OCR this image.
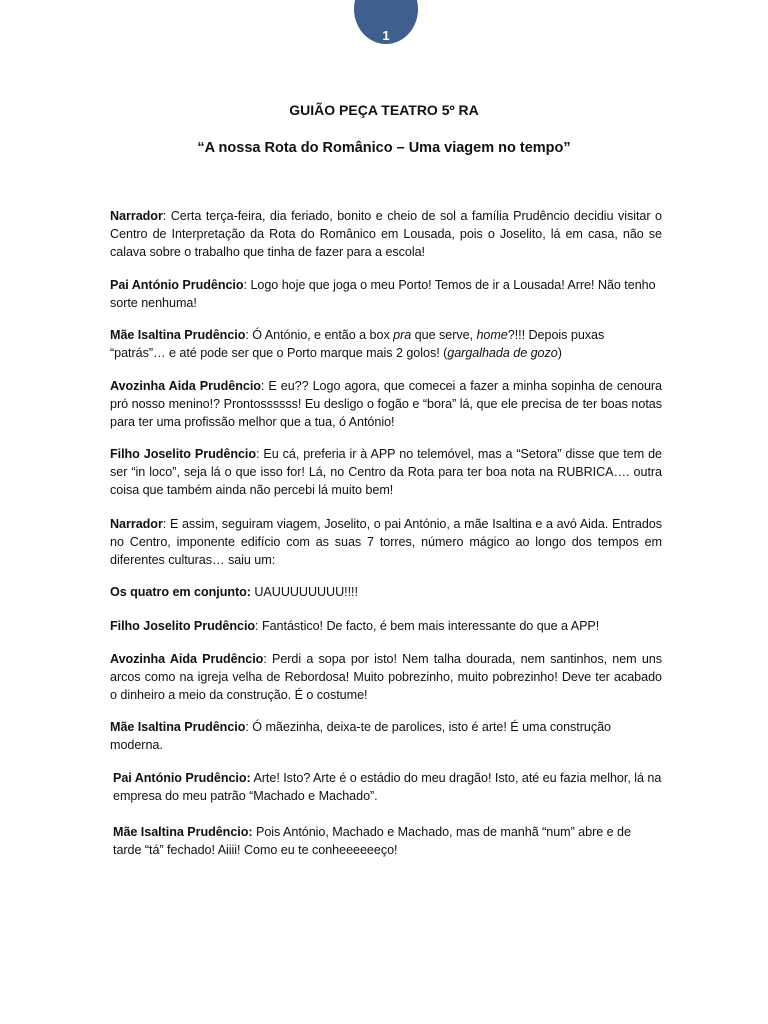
1
GUIÃO PEÇA TEATRO 5º RA
“A nossa Rota do Românico – Uma viagem no tempo”

Narrador: Certa terça-feira, dia feriado, bonito e cheio de sol a família Prudêncio decidiu visitar o Centro de Interpretação da Rota do Românico em Lousada, pois o Joselito, lá em casa, não se calava sobre o trabalho que tinha de fazer para a escola!

Pai António Prudêncio: Logo hoje que joga o meu Porto! Temos de ir a Lousada! Arre! Não tenho sorte nenhuma!

Mãe Isaltina Prudêncio: Ó António, e então a box pra que serve, home?!!! Depois puxas “patrás”… e até pode ser que o Porto marque mais 2 golos! (gargalhada de gozo)

Avozinha Aida Prudêncio: E eu?? Logo agora, que comecei a fazer a minha sopinha de cenoura pró nosso menino!? Prontossssss! Eu desligo o fogão e “bora” lá, que ele precisa de ter boas notas para ter uma profissão melhor que a tua, ó António!

Filho Joselito Prudêncio: Eu cá, preferia ir à APP no telemóvel, mas a “Setora” disse que tem de ser “in loco”, seja lá o que isso for! Lá, no Centro da Rota para ter boa nota na RUBRICA…. outra coisa que também ainda não percebi lá muito bem!

Narrador: E assim, seguiram viagem, Joselito, o pai António, a mãe Isaltina e a avó Aida. Entrados no Centro, imponente edifício com as suas 7 torres, número mágico ao longo dos tempos em diferentes culturas… saiu um:

Os quatro em conjunto: UAUUUUUUUU!!!!

Filho Joselito Prudêncio: Fantástico! De facto, é bem mais interessante do que a APP!

Avozinha Aida Prudêncio: Perdi a sopa por isto! Nem talha dourada, nem santinhos, nem uns arcos como na igreja velha de Rebordosa! Muito pobrezinho, muito pobrezinho! Deve ter acabado o dinheiro a meio da construção. É o costume!

Mãe Isaltina Prudêncio: Ó mãezinha, deixa-te de parolices, isto é arte! É uma construção moderna.

Pai António Prudêncio: Arte! Isto? Arte é o estádio do meu dragão! Isto, até eu fazia melhor, lá na empresa do meu patrão “Machado e Machado”.

Mãe Isaltina Prudêncio: Pois António, Machado e Machado, mas de manhã “num” abre e de tarde “tá” fechado! Aiiii! Como eu te conheeeeeeço!
